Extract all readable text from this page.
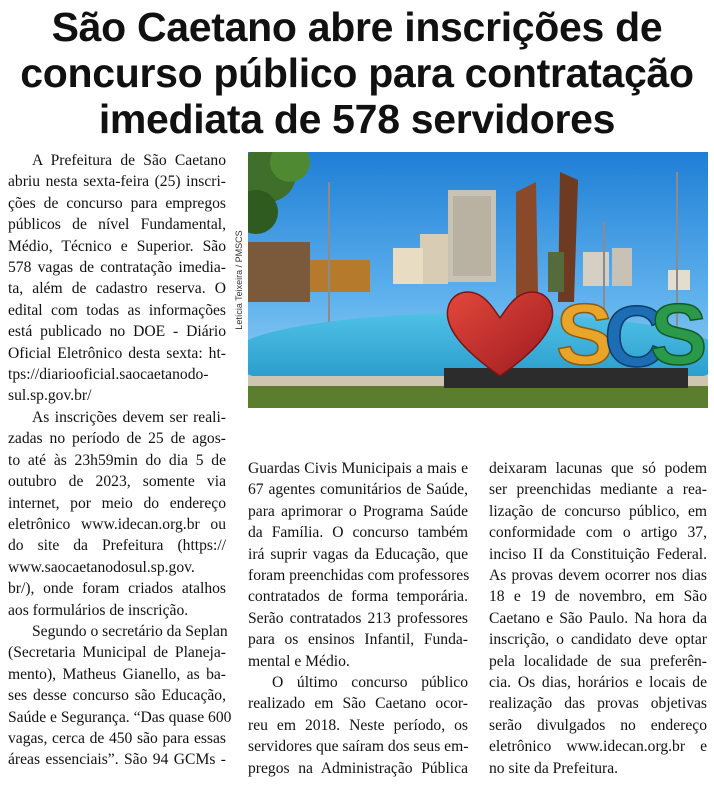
São Caetano abre inscrições de
concurso público para contratação
imediata de 578 servidores
A Prefeitura de São Caetano
abriu nesta sexta-feira (25) inscri-
ções de concurso para empregos
públicos de nível Fundamental,
Médio, Técnico e Superior. São
578 vagas de contratação imedia-
ta, além de cadastro reserva. O
edital com todas as informações
está publicado no DOE - Diário
Oficial Eletrônico desta sexta: ht-
tps://diariooficial.saocaetanodo-
sul.sp.gov.br/
As inscrições devem ser reali-
zadas no período de 25 de agos-
to até às 23h59min do dia 5 de
outubro de 2023, somente via
internet, por meio do endereço
eletrônico www.idecan.org.br ou
do site da Prefeitura (https://
www.saocaetanodosul.sp.gov.
br/), onde foram criados atalhos
aos formulários de inscrição.
Segundo o secretário da Seplan
(Secretaria Municipal de Planeja-
mento), Matheus Gianello, as ba-
ses desse concurso são Educação,
Saúde e Segurança. “Das quase 600
vagas, cerca de 450 são para essas
áreas essenciais”. São 94 GCMs -
Letícia Teixeira / PMSCS
S
C
S
Guardas Civis Municipais a mais e
67 agentes comunitários de Saúde,
para aprimorar o Programa Saúde
da Família. O concurso também
irá suprir vagas da Educação, que
foram preenchidas com professores
contratados de forma temporária.
Serão contratados 213 professores
para os ensinos Infantil, Funda-
mental e Médio.
O último concurso público
realizado em São Caetano ocor-
reu em 2018. Neste período, os
servidores que saíram dos seus em-
pregos na Administração Pública
deixaram lacunas que só podem
ser preenchidas mediante a rea-
lização de concurso público, em
conformidade com o artigo 37,
inciso II da Constituição Federal.
As provas devem ocorrer nos dias
18 e 19 de novembro, em São
Caetano e São Paulo. Na hora da
inscrição, o candidato deve optar
pela localidade de sua preferên-
cia. Os dias, horários e locais de
realização das provas objetivas
serão divulgados no endereço
eletrônico www.idecan.org.br e
no site da Prefeitura.
